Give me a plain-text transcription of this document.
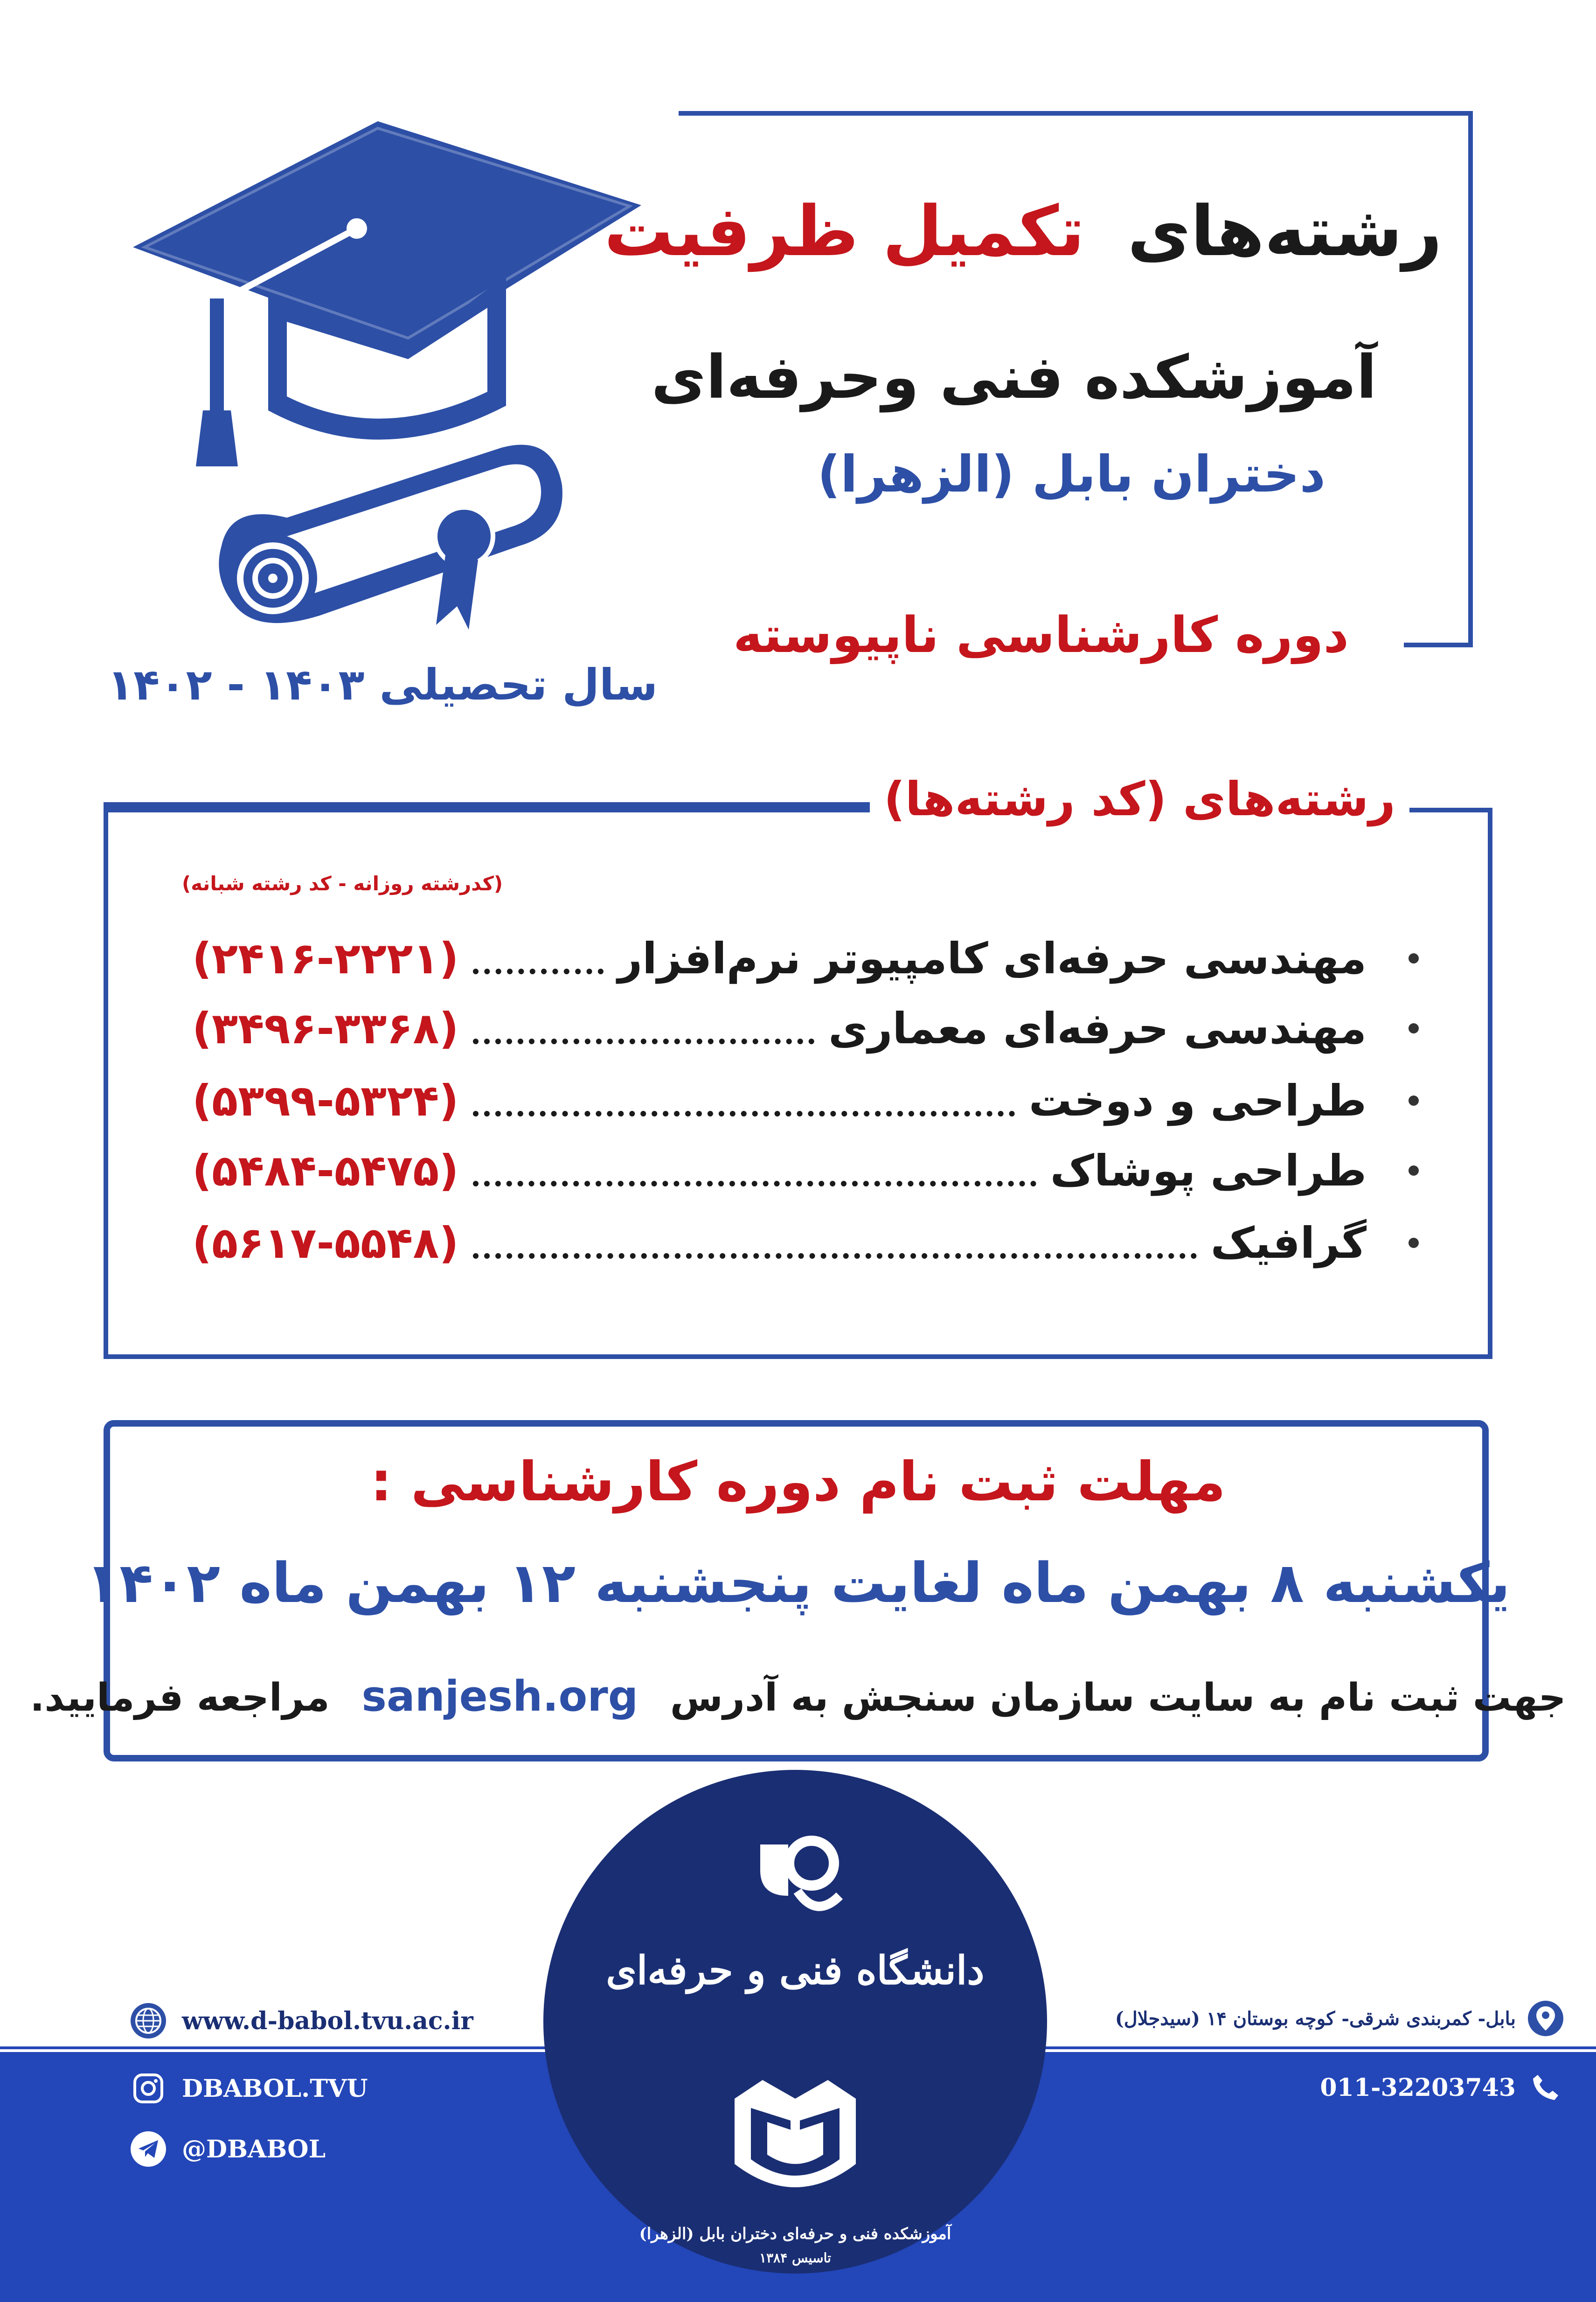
رشته‌های تکمیل ظرفیت
آموزشکده فنی وحرفه‌ای
دختران بابل (الزهرا)
دوره کارشناسی ناپیوسته
سال تحصیلی ۱۴۰۳ - ۱۴۰۲
رشته‌های (کد رشته‌ها)
(کدرشته روزانه - کد رشته شبانه)
مهندسی حرفه‌ای کامپیوتر نرم‌افزار
(۲۴۱۶-۲۲۲۱)
مهندسی حرفه‌ای معماری
(۳۴۹۶-۳۳۶۸)
طراحی و دوخت
(۵۳۹۹-۵۳۲۴)
طراحی پوشاک
(۵۴۸۴-۵۴۷۵)
گرافیک
(۵۶۱۷-۵۵۴۸)
مهلت ثبت نام دوره کارشناسی :
یکشنبه ۸ بهمن ماه لغایت پنجشنبه ۱۲ بهمن ماه ۱۴۰۲
جهت ثبت نام به سایت سازمان سنجش به آدرس sanjesh.org مراجعه فرمایید.
www.d-babol.tvu.ac.ir
DBABOL.TVU
@DBABOL
بابل- کمربندی شرقی- کوچه بوستان ۱۴ (سیدجلال)
011-32203743
دانشگاه فنی و حرفه‌ای
آموزشکده فنی و حرفه‌ای دختران بابل (الزهرا)
تاسیس ۱۳۸۴
